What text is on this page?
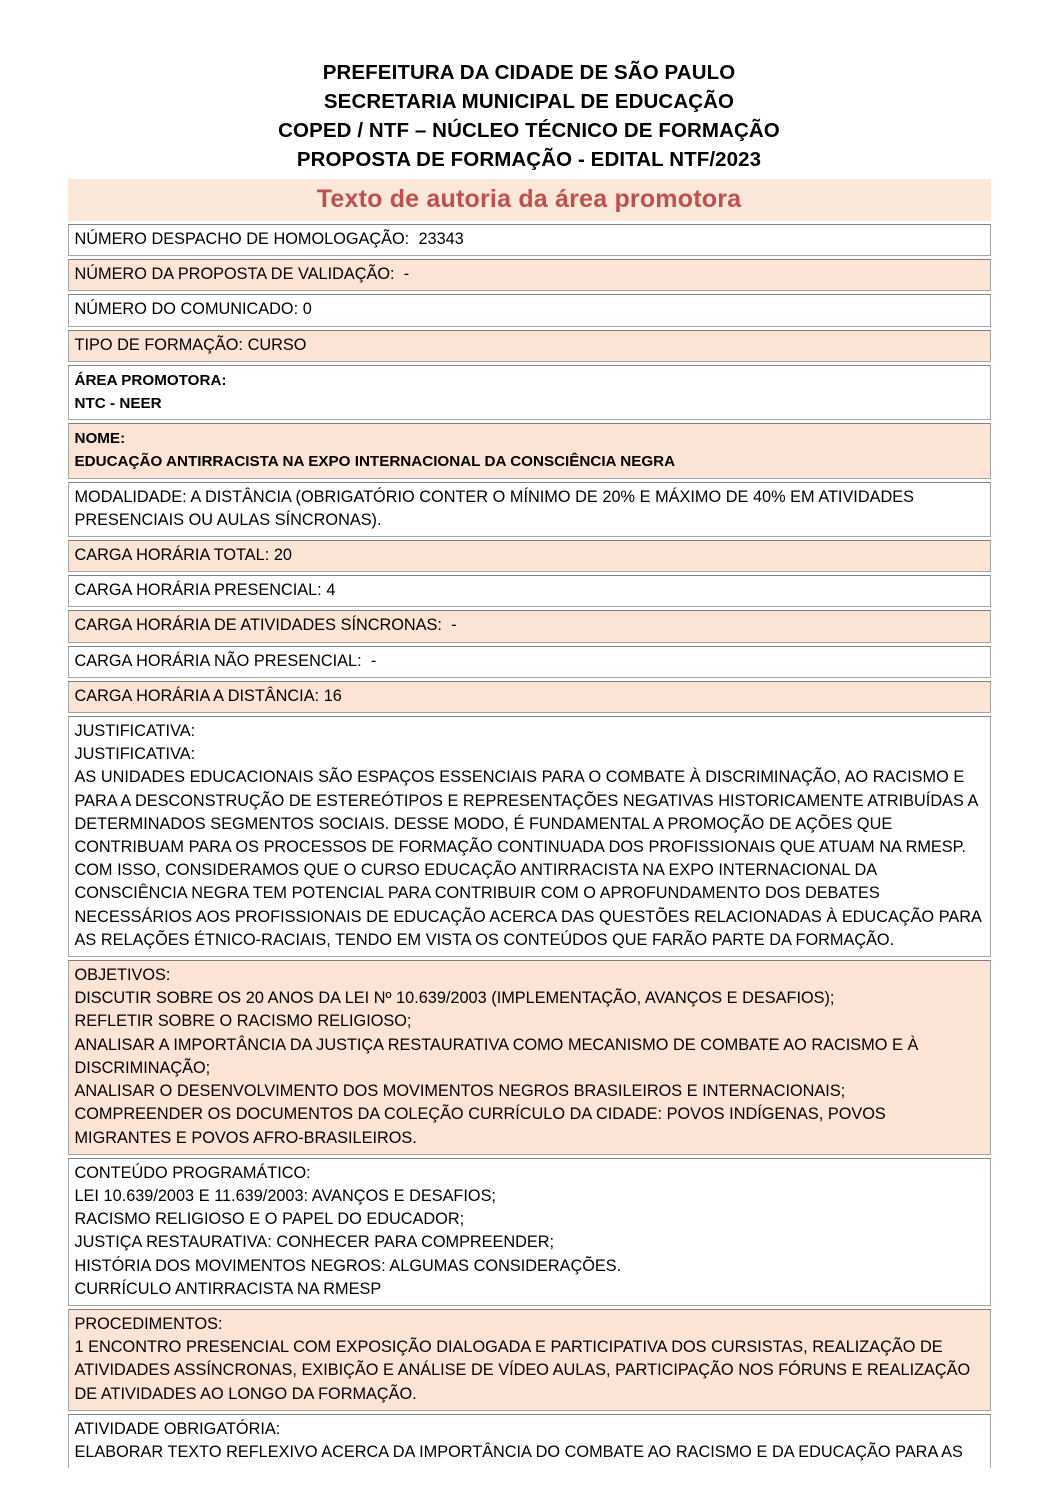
PREFEITURA DA CIDADE DE SÃO PAULO
SECRETARIA MUNICIPAL DE EDUCAÇÃO
COPED / NTF – NÚCLEO TÉCNICO DE FORMAÇÃO
PROPOSTA DE FORMAÇÃO - EDITAL NTF/2023
Texto de autoria da área promotora
NÚMERO DESPACHO DE HOMOLOGAÇÃO:  23343
NÚMERO DA PROPOSTA DE VALIDAÇÃO:  -
NÚMERO DO COMUNICADO: 0
TIPO DE FORMAÇÃO: CURSO
ÁREA PROMOTORA:
NTC - NEER
NOME:
EDUCAÇÃO ANTIRRACISTA NA EXPO INTERNACIONAL DA CONSCIÊNCIA NEGRA
MODALIDADE: A DISTÂNCIA (OBRIGATÓRIO CONTER O MÍNIMO DE 20% E MÁXIMO DE 40% EM ATIVIDADES
PRESENCIAIS OU AULAS SÍNCRONAS).
CARGA HORÁRIA TOTAL: 20
CARGA HORÁRIA PRESENCIAL: 4
CARGA HORÁRIA DE ATIVIDADES SÍNCRONAS:  -
CARGA HORÁRIA NÃO PRESENCIAL:  -
CARGA HORÁRIA A DISTÂNCIA: 16
JUSTIFICATIVA:
JUSTIFICATIVA:
AS UNIDADES EDUCACIONAIS SÃO ESPAÇOS ESSENCIAIS PARA O COMBATE À DISCRIMINAÇÃO, AO RACISMO E
PARA A DESCONSTRUÇÃO DE ESTEREÓTIPOS E REPRESENTAÇÕES NEGATIVAS HISTORICAMENTE ATRIBUÍDAS A
DETERMINADOS SEGMENTOS SOCIAIS. DESSE MODO, É FUNDAMENTAL A PROMOÇÃO DE AÇÕES QUE
CONTRIBUAM PARA OS PROCESSOS DE FORMAÇÃO CONTINUADA DOS PROFISSIONAIS QUE ATUAM NA RMESP.
COM ISSO, CONSIDERAMOS QUE O CURSO EDUCAÇÃO ANTIRRACISTA NA EXPO INTERNACIONAL DA
CONSCIÊNCIA NEGRA TEM POTENCIAL PARA CONTRIBUIR COM O APROFUNDAMENTO DOS DEBATES
NECESSÁRIOS AOS PROFISSIONAIS DE EDUCAÇÃO ACERCA DAS QUESTÕES RELACIONADAS À EDUCAÇÃO PARA
AS RELAÇÕES ÉTNICO-RACIAIS, TENDO EM VISTA OS CONTEÚDOS QUE FARÃO PARTE DA FORMAÇÃO.
OBJETIVOS:
DISCUTIR SOBRE OS 20 ANOS DA LEI Nº 10.639/2003 (IMPLEMENTAÇÃO, AVANÇOS E DESAFIOS);
REFLETIR SOBRE O RACISMO RELIGIOSO;
ANALISAR A IMPORTÂNCIA DA JUSTIÇA RESTAURATIVA COMO MECANISMO DE COMBATE AO RACISMO E À
DISCRIMINAÇÃO;
ANALISAR O DESENVOLVIMENTO DOS MOVIMENTOS NEGROS BRASILEIROS E INTERNACIONAIS;
COMPREENDER OS DOCUMENTOS DA COLEÇÃO CURRÍCULO DA CIDADE: POVOS INDÍGENAS, POVOS
MIGRANTES E POVOS AFRO-BRASILEIROS.
CONTEÚDO PROGRAMÁTICO:
LEI 10.639/2003 E 11.639/2003: AVANÇOS E DESAFIOS;
RACISMO RELIGIOSO E O PAPEL DO EDUCADOR;
JUSTIÇA RESTAURATIVA: CONHECER PARA COMPREENDER;
HISTÓRIA DOS MOVIMENTOS NEGROS: ALGUMAS CONSIDERAÇÕES.
CURRÍCULO ANTIRRACISTA NA RMESP
PROCEDIMENTOS:
1 ENCONTRO PRESENCIAL COM EXPOSIÇÃO DIALOGADA E PARTICIPATIVA DOS CURSISTAS, REALIZAÇÃO DE
ATIVIDADES ASSÍNCRONAS, EXIBIÇÃO E ANÁLISE DE VÍDEO AULAS, PARTICIPAÇÃO NOS FÓRUNS E REALIZAÇÃO
DE ATIVIDADES AO LONGO DA FORMAÇÃO.
ATIVIDADE OBRIGATÓRIA:
ELABORAR TEXTO REFLEXIVO ACERCA DA IMPORTÂNCIA DO COMBATE AO RACISMO E DA EDUCAÇÃO PARA AS
